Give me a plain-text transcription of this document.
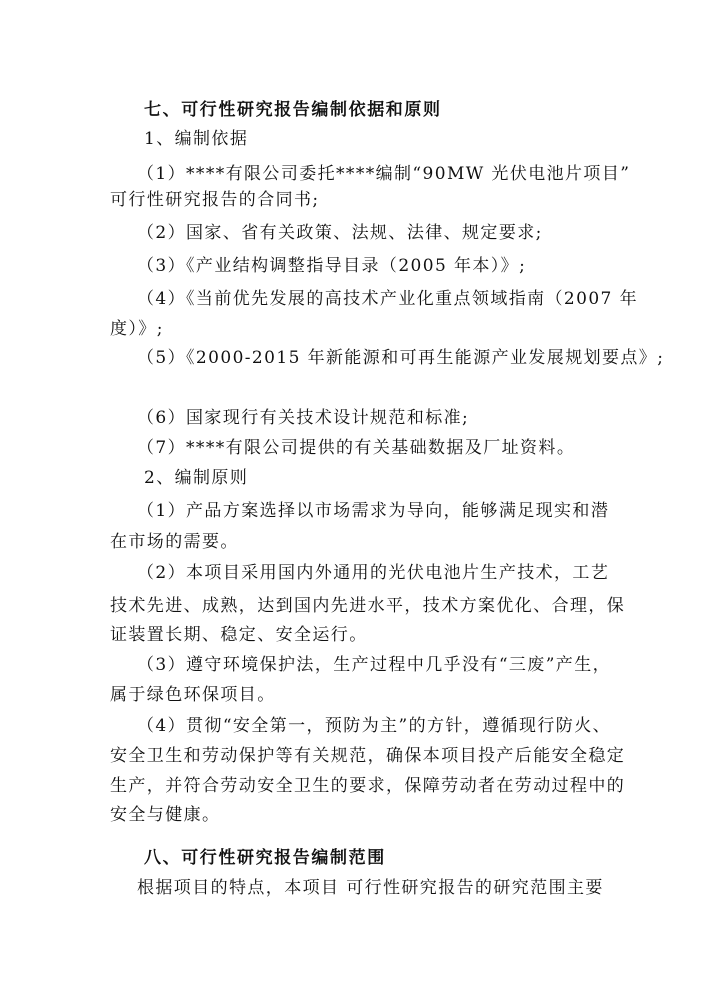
七、可行性研究报告编制依据和原则
1、编制依据
（1）****有限公司委托****编制“90MW 光伏电池片项目”
可行性研究报告的合同书;
（2）国家、省有关政策、法规、法律、规定要求;
（3）《产业结构调整指导目录（2005 年本）》;
（4）《当前优先发展的高技术产业化重点领域指南（2007 年
度）》;
（5）《2000-2015 年新能源和可再生能源产业发展规划要点》;
（6）国家现行有关技术设计规范和标准;
（7）****有限公司提供的有关基础数据及厂址资料。
2、编制原则
（1）产品方案选择以市场需求为导向，能够满足现实和潜
在市场的需要。
（2）本项目采用国内外通用的光伏电池片生产技术，工艺
技术先进、成熟，达到国内先进水平，技术方案优化、合理，保
证装置长期、稳定、安全运行。
（3）遵守环境保护法，生产过程中几乎没有“三废”产生，
属于绿色环保项目。
（4）贯彻“安全第一，预防为主”的方针，遵循现行防火、
安全卫生和劳动保护等有关规范，确保本项目投产后能安全稳定
生产，并符合劳动安全卫生的要求，保障劳动者在劳动过程中的
安全与健康。
八、可行性研究报告编制范围
根据项目的特点，本项目 可行性研究报告的研究范围主要
